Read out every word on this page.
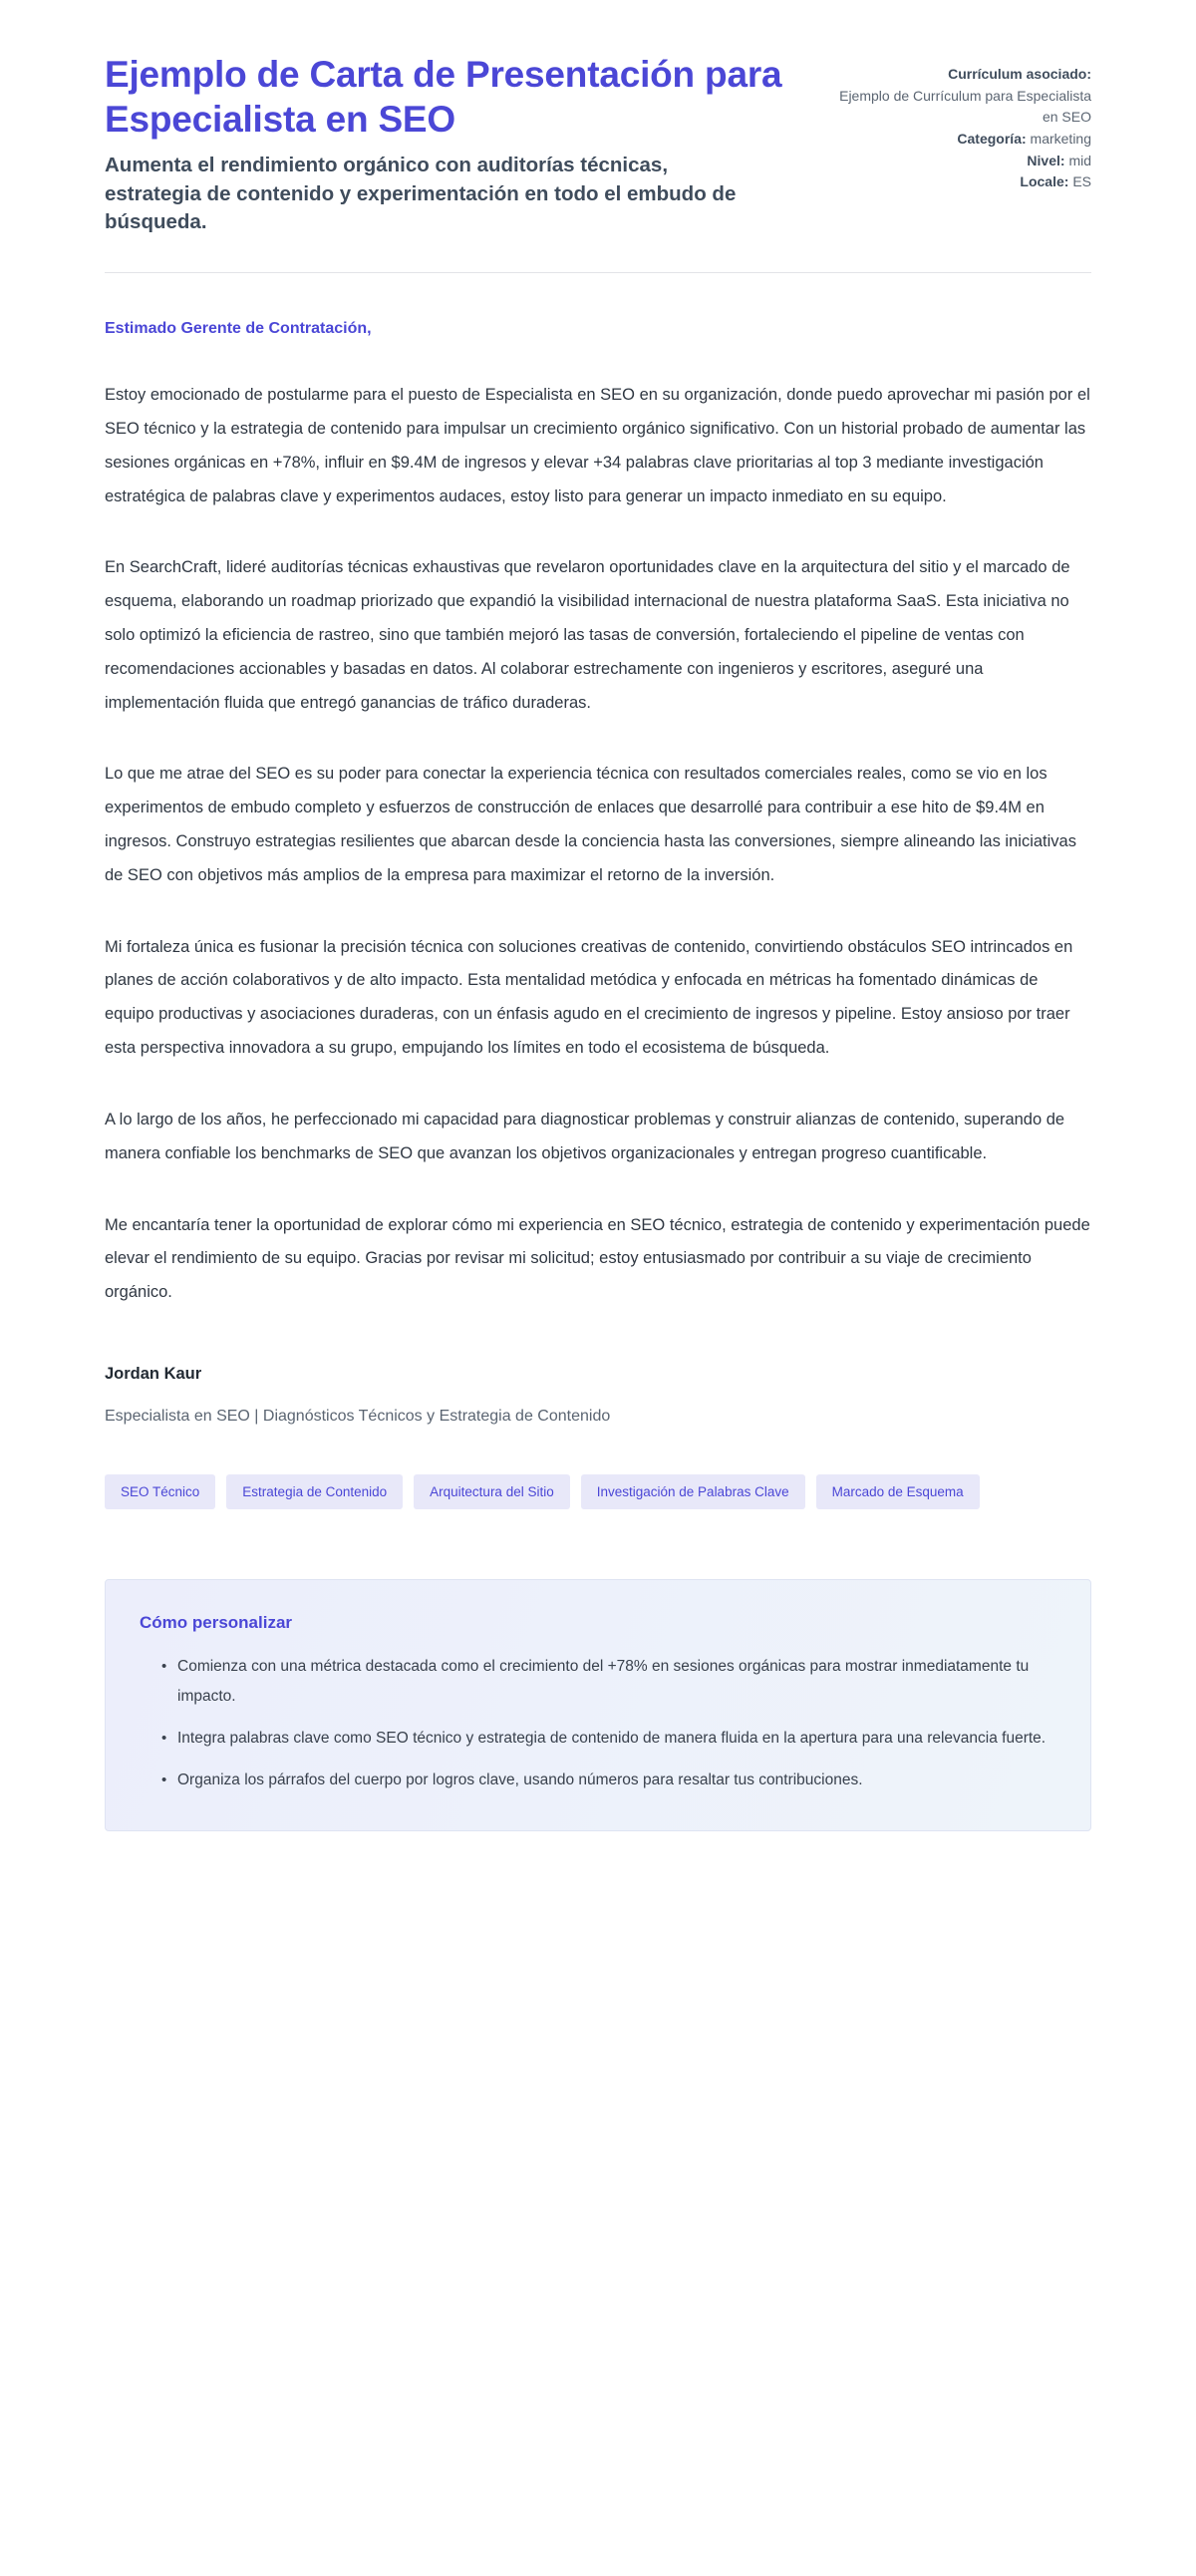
Ejemplo de Carta de Presentación para Especialista en SEO

Aumenta el rendimiento orgánico con auditorías técnicas, estrategia de contenido y experimentación en todo el embudo de búsqueda.

Currículum asociado:
Ejemplo de Currículum para Especialista en SEO
Categoría: marketing
Nivel: mid
Locale: ES

Estimado Gerente de Contratación,

Estoy emocionado de postularme para el puesto de Especialista en SEO en su organización, donde puedo aprovechar mi pasión por el SEO técnico y la estrategia de contenido para impulsar un crecimiento orgánico significativo. Con un historial probado de aumentar las sesiones orgánicas en +78%, influir en $9.4M de ingresos y elevar +34 palabras clave prioritarias al top 3 mediante investigación estratégica de palabras clave y experimentos audaces, estoy listo para generar un impacto inmediato en su equipo.

En SearchCraft, lideré auditorías técnicas exhaustivas que revelaron oportunidades clave en la arquitectura del sitio y el marcado de esquema, elaborando un roadmap priorizado que expandió la visibilidad internacional de nuestra plataforma SaaS. Esta iniciativa no solo optimizó la eficiencia de rastreo, sino que también mejoró las tasas de conversión, fortaleciendo el pipeline de ventas con recomendaciones accionables y basadas en datos. Al colaborar estrechamente con ingenieros y escritores, aseguré una implementación fluida que entregó ganancias de tráfico duraderas.

Lo que me atrae del SEO es su poder para conectar la experiencia técnica con resultados comerciales reales, como se vio en los experimentos de embudo completo y esfuerzos de construcción de enlaces que desarrollé para contribuir a ese hito de $9.4M en ingresos. Construyo estrategias resilientes que abarcan desde la conciencia hasta las conversiones, siempre alineando las iniciativas de SEO con objetivos más amplios de la empresa para maximizar el retorno de la inversión.

Mi fortaleza única es fusionar la precisión técnica con soluciones creativas de contenido, convirtiendo obstáculos SEO intrincados en planes de acción colaborativos y de alto impacto. Esta mentalidad metódica y enfocada en métricas ha fomentado dinámicas de equipo productivas y asociaciones duraderas, con un énfasis agudo en el crecimiento de ingresos y pipeline. Estoy ansioso por traer esta perspectiva innovadora a su grupo, empujando los límites en todo el ecosistema de búsqueda.

A lo largo de los años, he perfeccionado mi capacidad para diagnosticar problemas y construir alianzas de contenido, superando de manera confiable los benchmarks de SEO que avanzan los objetivos organizacionales y entregan progreso cuantificable.

Me encantaría tener la oportunidad de explorar cómo mi experiencia en SEO técnico, estrategia de contenido y experimentación puede elevar el rendimiento de su equipo. Gracias por revisar mi solicitud; estoy entusiasmado por contribuir a su viaje de crecimiento orgánico.

Jordan Kaur

Especialista en SEO | Diagnósticos Técnicos y Estrategia de Contenido

SEO Técnico	Estrategia de Contenido	Arquitectura del Sitio	Investigación de Palabras Clave	Marcado de Esquema

Cómo personalizar

• Comienza con una métrica destacada como el crecimiento del +78% en sesiones orgánicas para mostrar inmediatamente tu impacto.
• Integra palabras clave como SEO técnico y estrategia de contenido de manera fluida en la apertura para una relevancia fuerte.
• Organiza los párrafos del cuerpo por logros clave, usando números para resaltar tus contribuciones.
